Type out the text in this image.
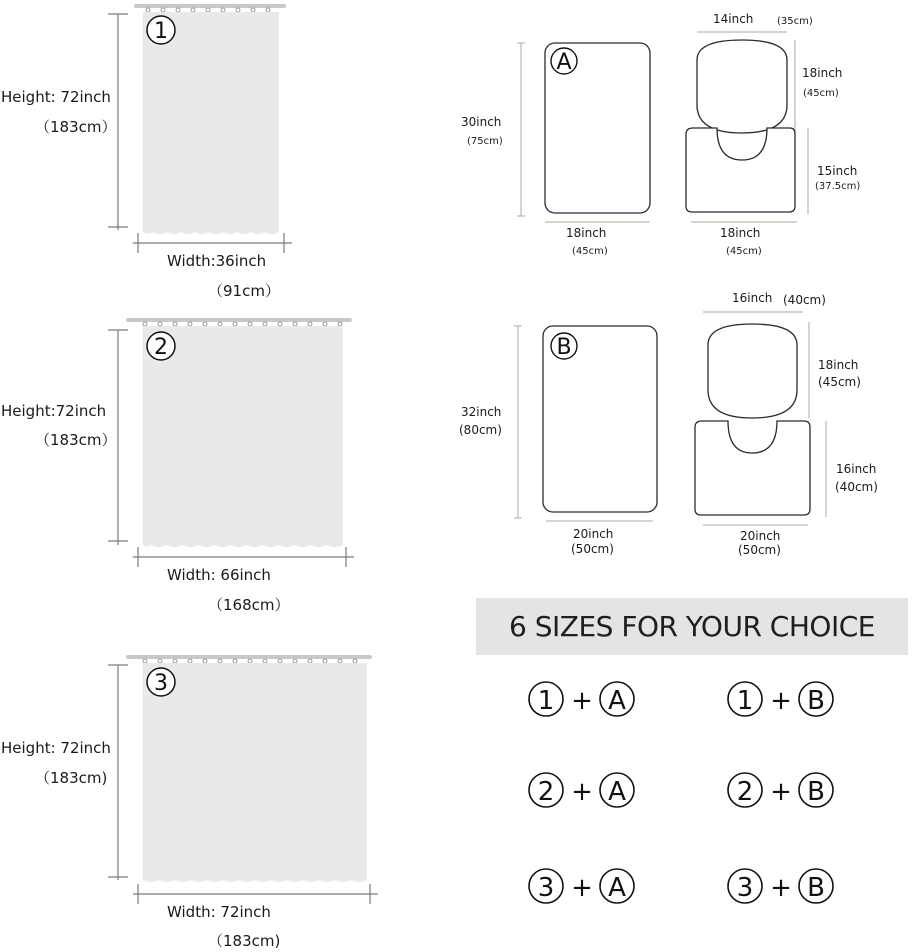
1
Height: 72inch
（183cm）
Width:36inch
（91cm）
2
Height:72inch
（183cm）
Width: 66inch
（168cm）
3
Height: 72inch
（183cm)
Width: 72inch
（183cm)
A
30inch
(75cm)
18inch
(45cm)
14inch (35cm)
18inch
(45cm)
15inch
(37.5cm)
18inch
(45cm)
B
32inch
(80cm)
20inch
(50cm)
16inch (40cm)
18inch
(45cm)
16inch
(40cm)
20inch
(50cm)
1 + A	1 + B
2 + A	2 + B
3 + A	3 + B
6 SIZES FOR YOUR CHOICE
